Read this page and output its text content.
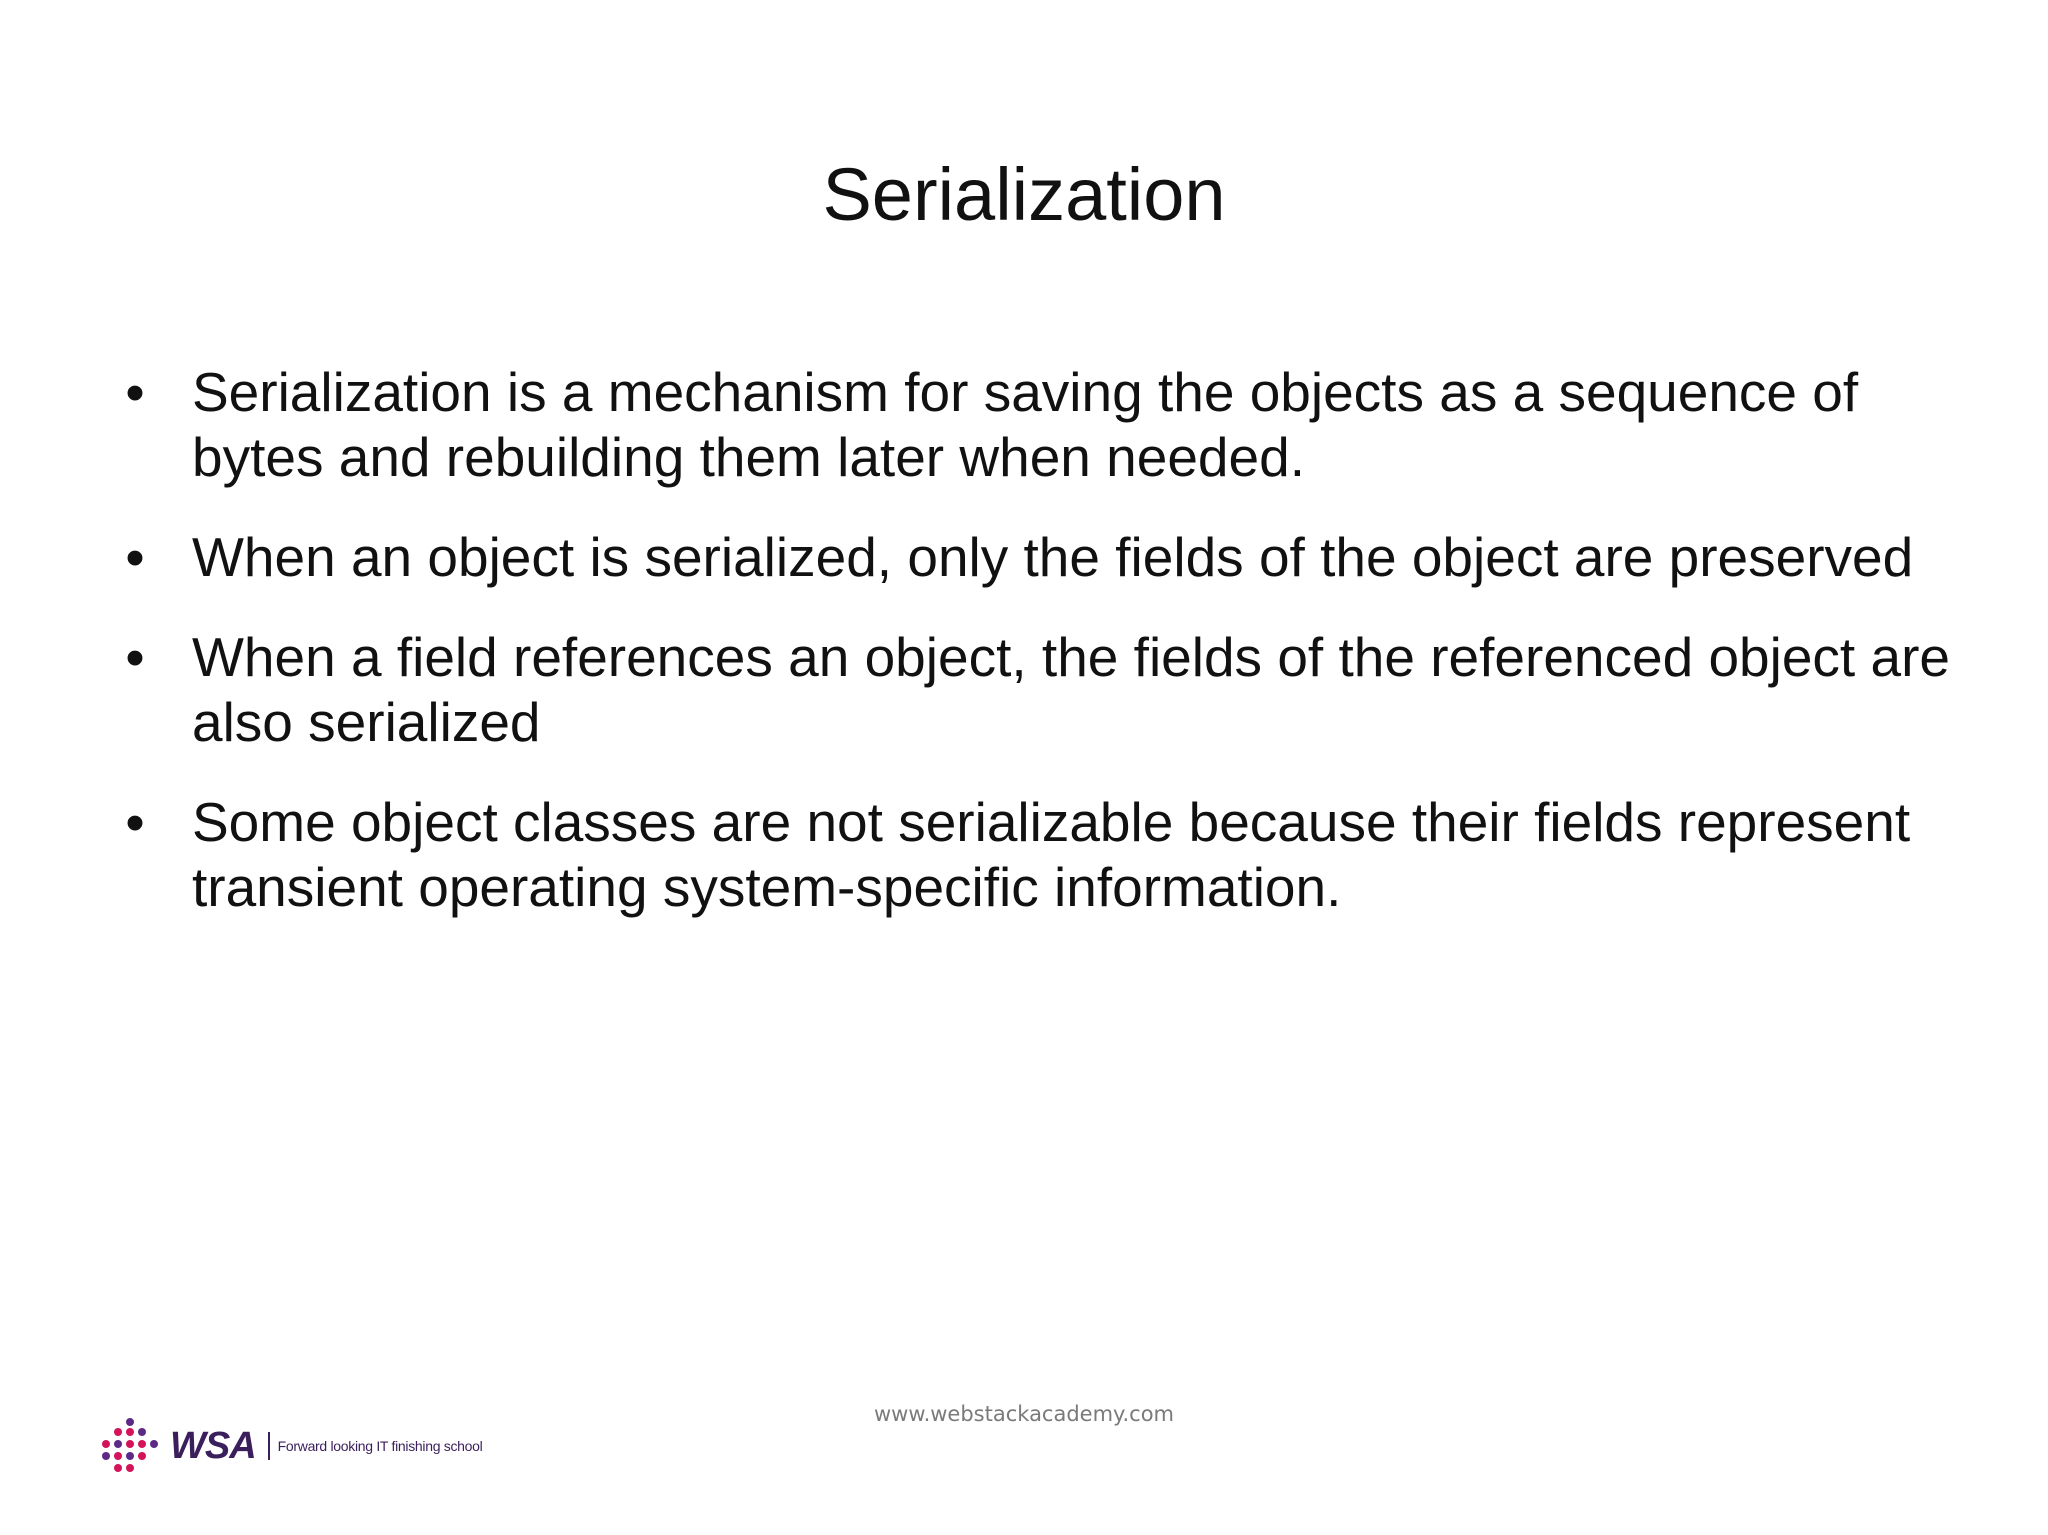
Serialization
• Serialization is a mechanism for saving the objects as a sequence of bytes and rebuilding them later when needed.
• When an object is serialized, only the fields of the object are preserved
• When a field references an object, the fields of the referenced object are also serialized
• Some object classes are not serializable because their fields represent transient operating system-specific information.
www.webstackacademy.com
WSA Forward looking IT finishing school
